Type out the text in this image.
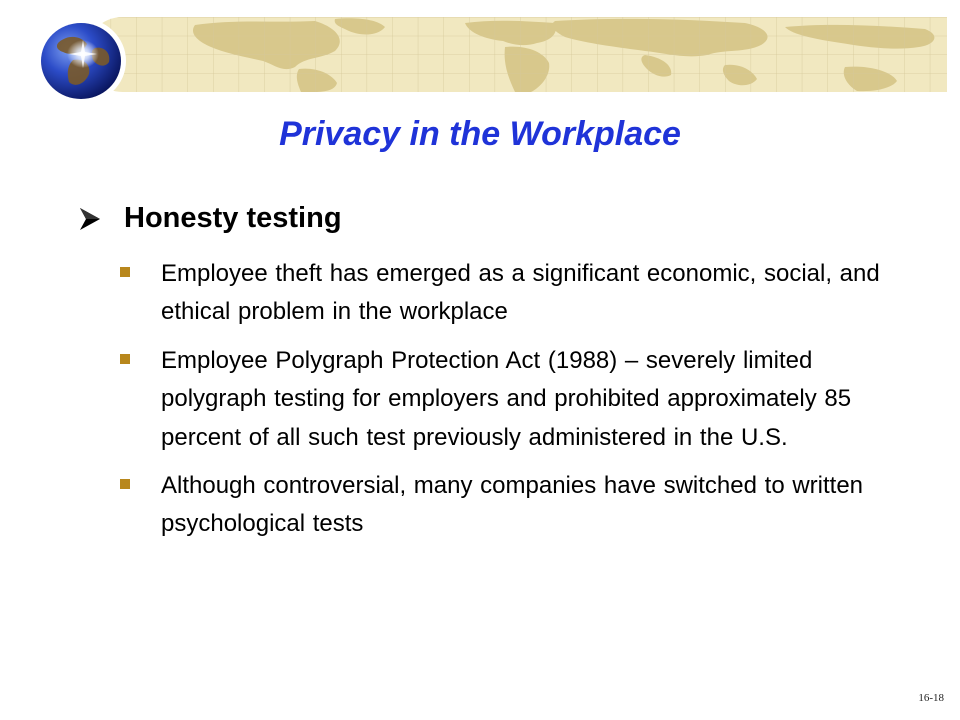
Privacy in the Workplace
Honesty testing
Employee theft has emerged as a significant economic, social, and ethical problem in the workplace
Employee Polygraph Protection Act (1988) – severely limited polygraph testing for employers and prohibited approximately 85 percent of all such test previously administered in the U.S.
Although controversial, many companies have switched to written psychological tests
16-18
